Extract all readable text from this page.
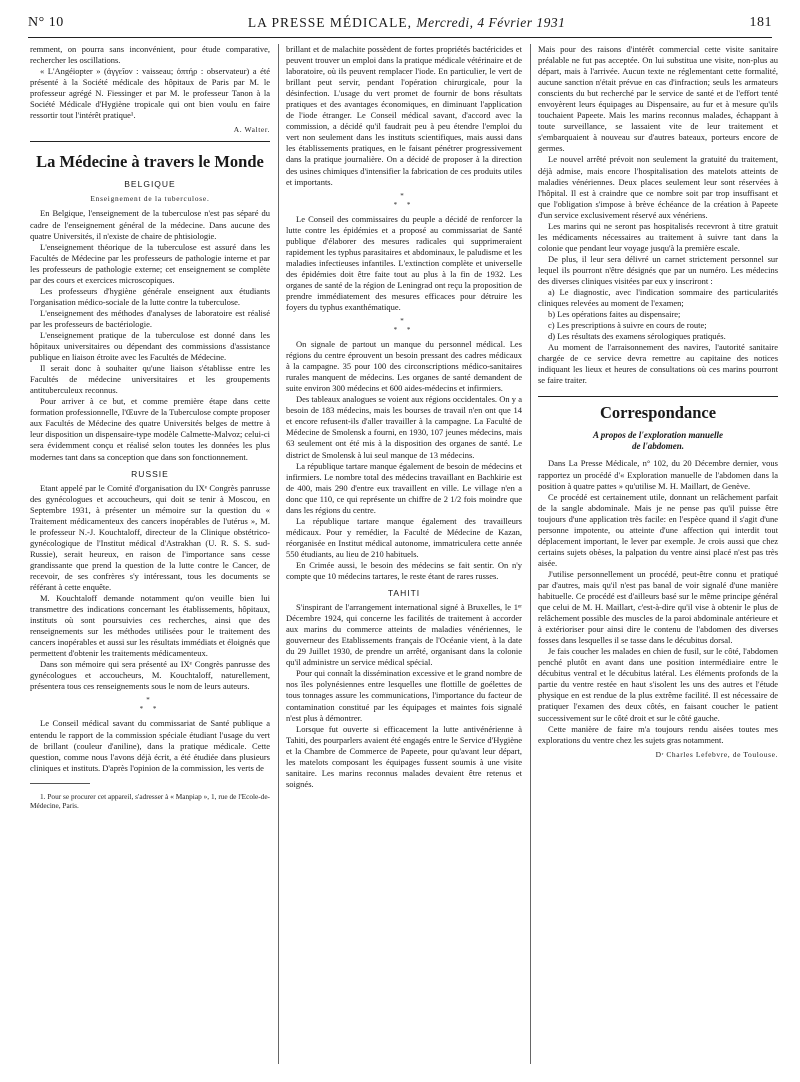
N° 10	LA PRESSE MÉDICALE, Mercredi, 4 Février 1931	181

remment, on pourra sans inconvénient, pour étude comparative, rechercher les oscillations.

« L'Angéiopter » (ἀγγεῖον : vaisseau; ὀπτήρ : observateur) a été présenté à la Société médicale des hôpitaux de Paris par M. le professeur agrégé N. Fiessinger et par M. le professeur Tanon à la Société Médicale d'Hygiène tropicale qui ont bien voulu en faire ressortir tout l'intérêt pratique¹.

A. Walter.
La Médecine à travers le Monde
BELGIQUE
Enseignement de la tuberculose.

En Belgique, l'enseignement de la tuberculose n'est pas séparé du cadre de l'enseignement général de la médecine. Dans aucune des quatre Universités, il n'existe de chaire de phtisiologie.

L'enseignement théorique de la tuberculose est assuré dans les Facultés de Médecine par les professeurs de pathologie interne et par les professeurs de pathologie externe; cet enseignement se complète par des cours et exercices microscopiques.

Les professeurs d'hygiène générale enseignent aux étudiants l'organisation médico-sociale de la lutte contre la tuberculose.

L'enseignement des méthodes d'analyses de laboratoire est réalisé par les professeurs de bactériologie.

L'enseignement pratique de la tuberculose est donné dans les hôpitaux universitaires ou dépendant des commissions d'assistance publique en liaison étroite avec les Facultés de Médecine.

Il serait donc à souhaiter qu'une liaison s'établisse entre les Facultés de médecine universitaires et les groupements antituberculeux reconnus.

Pour arriver à ce but, et comme première étape dans cette formation professionnelle, l'Œuvre de la Tuberculose compte proposer aux Facultés de Médecine des quatre Universités belges de mettre à leur disposition un dispensaire-type modèle Calmette-Malvoz; celui-ci sera évidemment conçu et réalisé selon toutes les données les plus modernes tant dans sa conception que dans son fonctionnement.

RUSSIE

Etant appelé par le Comité d'organisation du IXᵉ Congrès panrusse des gynécologues et accoucheurs, qui doit se tenir à Moscou, en Septembre 1931, à présenter un mémoire sur la question du « Traitement médicamenteux des cancers inopérables de l'utérus », M. le professeur N.-J. Kouchtaloff, directeur de la Clinique obstétrico-gynécologique de l'Institut médical d'Astrakhan (U. R. S. S. sud-Russie), serait heureux, en raison de l'importance sans cesse grandissante que prend la question de la lutte contre le Cancer, de recevoir, de ses confrères s'y intéressant, tous les documents se référant à cette enquête.

M. Kouchtaloff demande notamment qu'on veuille bien lui transmettre des indications concernant les établissements, hôpitaux, instituts où sont poursuivies ces recherches, ainsi que des renseignements sur les méthodes utilisées pour le traitement des cancers inopérables et aussi sur les résultats immédiats et éloignés que permettent d'obtenir les traitements médicamenteux.

Dans son mémoire qui sera présenté au IXᵉ Congrès panrusse des gynécologues et accoucheurs, M. Kouchtaloff, naturellement, présentera tous ces renseignements sous le nom de leurs auteurs.

*
* *

Le Conseil médical savant du commissariat de Santé publique a entendu le rapport de la commission spéciale étudiant l'usage du vert de brillant (couleur d'aniline), dans la pratique médicale. Cette question, comme nous l'avons déjà écrit, a été étudiée dans plusieurs cliniques et instituts. D'après l'opinion de la commission, les verts de

1. Pour se procurer cet appareil, s'adresser à « Manpiap », 1, rue de l'Ecole-de-Médecine, Paris.

brillant et de malachite possèdent de fortes propriétés bactéricides et peuvent trouver un emploi dans la pratique médicale vétérinaire et de laboratoire, où ils peuvent remplacer l'iode. En particulier, le vert de brillant peut servir, pendant l'opération chirurgicale, pour la désinfection. L'usage du vert promet de fournir de bons résultats pratiques et des avantages économiques, en diminuant l'application de l'iode étranger. Le Conseil médical savant, d'accord avec la commission, a décidé qu'il faudrait peu à peu étendre l'emploi du vert non seulement dans les instituts scientifiques, mais aussi dans les établissements pratiques, en le faisant pénétrer progressivement dans la pratique journalière. On a décidé de proposer à la direction des usines chimiques d'intensifier la fabrication de ces produits utiles et importants.

*
* *

Le Conseil des commissaires du peuple a décidé de renforcer la lutte contre les épidémies et a proposé au commissariat de Santé publique d'élaborer des mesures radicales qui supprimeraient rapidement les typhus parasitaires et abdominaux, le paludisme et les maladies infectieuses infantiles. L'extinction complète et universelle des épidémies doit être faite tout au plus à la fin de 1932. Les organes de santé de la région de Leningrad ont reçu la proposition de prendre immédiatement des mesures efficaces pour détruire les foyers du typhus exanthématique.

*
* *

On signale de partout un manque du personnel médical. Les régions du centre éprouvent un besoin pressant des cadres médicaux à la campagne. 35 pour 100 des circonscriptions médico-sanitaires rurales manquent de médecins. Les organes de santé demandent de suite environ 300 médecins et 600 aides-médecins et infirmiers.

Des tableaux analogues se voient aux régions occidentales. On y a besoin de 183 médecins, mais les bourses de travail n'en ont que 14 et encore refusent-ils d'aller travailler à la campagne. La Faculté de Médecine de Smolensk a fourni, en 1930, 107 jeunes médecins, mais 63 seulement ont été mis à la disposition des organes de santé. Le district de Smolensk à lui seul manque de 13 médecins.

La république tartare manque également de besoin de médecins et infirmiers. Le nombre total des médecins travaillant en Bachkirie est de 400, mais 290 d'entre eux travaillent en ville. Le village n'en a donc que 110, ce qui représente un chiffre de 2 1/2 fois moindre que dans les régions du centre.

La république tartare manque également des travailleurs médicaux. Pour y remédier, la Faculté de Médecine de Kazan, réorganisée en Institut médical autonome, immatriculera cette année 550 étudiants, au lieu de 210 habituels.

En Crimée aussi, le besoin des médecins se fait sentir. On n'y compte que 10 médecins tartares, le reste étant de rares russes.

TAHITI

S'inspirant de l'arrangement international signé à Bruxelles, le 1ᵉʳ Décembre 1924, qui concerne les facilités de traitement à accorder aux marins du commerce atteints de maladies vénériennes, le gouverneur des Etablissements français de l'Océanie vient, à la date du 29 Juillet 1930, de prendre un arrêté, organisant dans la colonie qu'il administre un service médical spécial.

Pour qui connaît la dissémination excessive et le grand nombre de nos îles polynésiennes entre lesquelles une flottille de goélettes de tous tonnages assure les communications, l'importance du facteur de contamination constitué par les équipages et maintes fois signalé n'est plus à démontrer.

Lorsque fut ouverte si efficacement la lutte antivénérienne à Tahiti, des pourparlers avaient été engagés entre le Service d'Hygiène et la Chambre de Commerce de Papeete, pour qu'avant leur départ, les matelots composant les équipages fussent soumis à une visite sanitaire. Les marins reconnus malades devaient être retenus et soignés.

Mais pour des raisons d'intérêt commercial cette visite sanitaire préalable ne fut pas acceptée. On lui substitua une visite, non-plus au départ, mais à l'arrivée. Aucun texte ne réglementant cette formalité, aucune sanction n'était prévue en cas d'infraction; seuls les armateurs conscients du but recherché par le service de santé et de l'effort tenté envoyèrent leurs équipages au Dispensaire, au fur et à mesure qu'ils touchaient Papeete. Mais les marins reconnus malades, échappant à toute surveillance, se lassaient vite de leur traitement et s'embarquaient à nouveau sur d'autres bateaux, porteurs encore de germes.

Le nouvel arrêté prévoit non seulement la gratuité du traitement, déjà admise, mais encore l'hospitalisation des matelots atteints de maladies vénériennes. Deux places seulement leur sont réservées à l'hôpital. Il est à craindre que ce nombre soit par trop insuffisant et que l'obligation s'impose à brève échéance de la création à Papeete d'un service exclusivement réservé aux vénériens.

Les marins qui ne seront pas hospitalisés recevront à titre gratuit les médicaments nécessaires au traitement à suivre tant dans la colonie que pendant leur voyage jusqu'à la première escale.

De plus, il leur sera délivré un carnet strictement personnel sur lequel ils pourront n'être désignés que par un numéro. Les médecins des diverses cliniques visitées par eux y inscriront :

a) Le diagnostic, avec l'indication sommaire des particularités cliniques relevées au moment de l'examen;

b) Les opérations faites au dispensaire;

c) Les prescriptions à suivre en cours de route;

d) Les résultats des examens sérologiques pratiqués.

Au moment de l'arraisonnement des navires, l'autorité sanitaire chargée de ce service devra remettre au capitaine des notices indiquant les lieux et heures de consultations où ces marins pourront se faire traiter.

Correspondance
A propos de l'exploration manuelle
de l'abdomen.

Dans La Presse Médicale, n° 102, du 20 Décembre dernier, vous rapportez un procédé d'« Exploration manuelle de l'abdomen dans la position à quatre pattes » qu'utilise M. H. Maillart, de Genève.

Ce procédé est certainement utile, donnant un relâchement parfait de la sangle abdominale. Mais je ne pense pas qu'il puisse être toujours d'une application très facile: en l'espèce quand il s'agit d'une personne impotente, ou atteinte d'une affection qui interdit tout déplacement important, le lever par exemple. Je crois aussi que chez certains sujets obèses, la palpation du ventre ainsi placé n'est pas très aisée.

J'utilise personnellement un procédé, peut-être connu et pratiqué par d'autres, mais qu'il n'est pas banal de voir signalé d'une manière habituelle. Ce procédé est d'ailleurs basé sur le même principe général que celui de M. H. Maillart, c'est-à-dire qu'il vise à obtenir le plus de relâchement possible des muscles de la paroi abdominale antérieure et à extérioriser pour ainsi dire le contenu de l'abdomen des diverses fosses dans lesquelles il se tasse dans le décubitus dorsal.

Je fais coucher les malades en chien de fusil, sur le côté, l'abdomen penché plutôt en avant dans une position intermédiaire entre le décubitus ventral et le décubitus latéral. Les éléments profonds de la partie du ventre restée en haut s'isolent les uns des autres et l'étude physique en est rendue de la plus extrême facilité. Il est nécessaire de pratiquer l'examen des deux côtés, en faisant coucher le patient successivement sur le côté droit et sur le côté gauche.

Cette manière de faire m'a toujours rendu aisées toutes mes explorations du ventre chez les sujets gras notamment.

Dʳ Charles Lefebvre, de Toulouse.
